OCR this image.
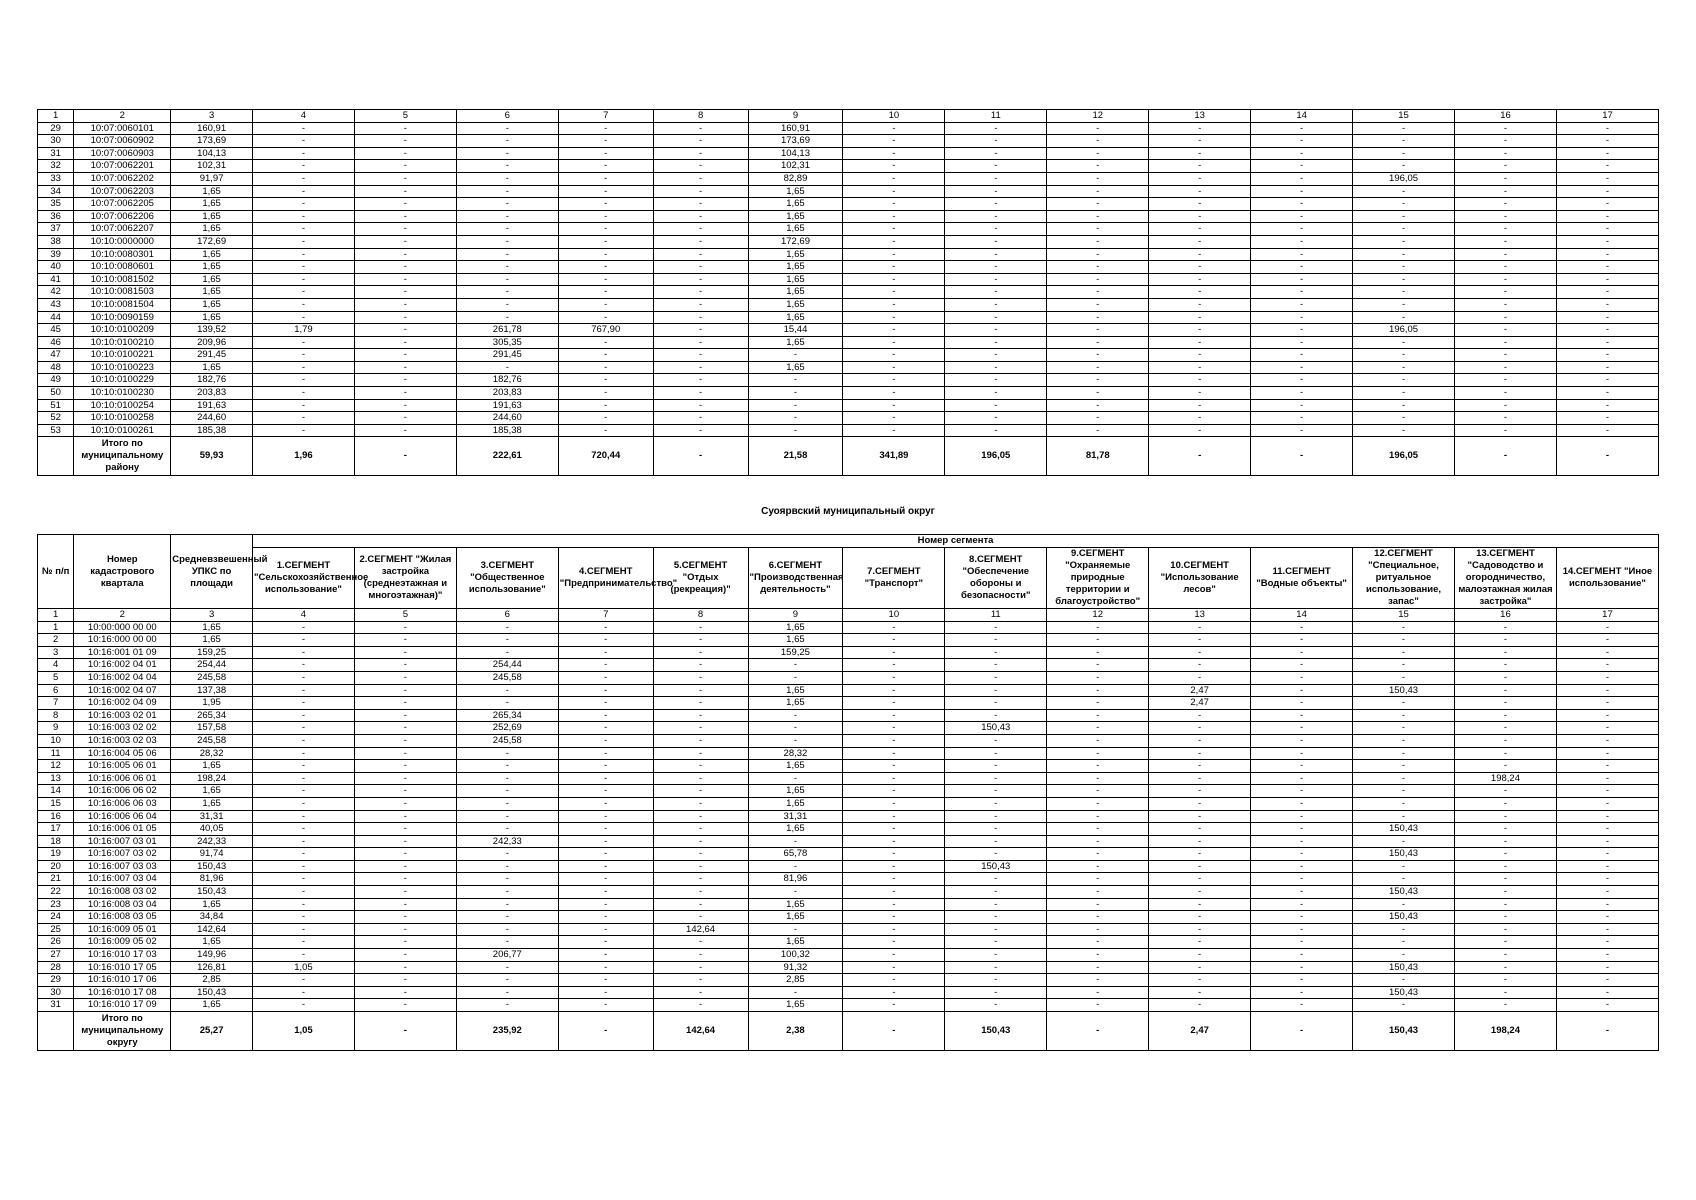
1	2	3	4	5	6	7	8	9	10	11	12	13	14	15	16	17
29	10:07:0060101	160,91	-	-	-	-	-	160,91	-	-	-	-	-	-	-	-
30	10:07:0060902	173,69	-	-	-	-	-	173,69	-	-	-	-	-	-	-	-
31	10:07:0060903	104,13	-	-	-	-	-	104,13	-	-	-	-	-	-	-	-
32	10:07:0062201	102,31	-	-	-	-	-	102,31	-	-	-	-	-	-	-	-
33	10:07:0062202	91,97	-	-	-	-	-	82,89	-	-	-	-	-	196,05	-	-
34	10:07:0062203	1,65	-	-	-	-	-	1,65	-	-	-	-	-	-	-	-
35	10:07:0062205	1,65	-	-	-	-	-	1,65	-	-	-	-	-	-	-	-
36	10:07:0062206	1,65	-	-	-	-	-	1,65	-	-	-	-	-	-	-	-
37	10:07:0062207	1,65	-	-	-	-	-	1,65	-	-	-	-	-	-	-	-
38	10:10:0000000	172,69	-	-	-	-	-	172,69	-	-	-	-	-	-	-	-
39	10:10:0080301	1,65	-	-	-	-	-	1,65	-	-	-	-	-	-	-	-
40	10:10:0080601	1,65	-	-	-	-	-	1,65	-	-	-	-	-	-	-	-
41	10:10:0081502	1,65	-	-	-	-	-	1,65	-	-	-	-	-	-	-	-
42	10:10:0081503	1,65	-	-	-	-	-	1,65	-	-	-	-	-	-	-	-
43	10:10:0081504	1,65	-	-	-	-	-	1,65	-	-	-	-	-	-	-	-
44	10:10:0090159	1,65	-	-	-	-	-	1,65	-	-	-	-	-	-	-	-
45	10:10:0100209	139,52	1,79	-	261,78	767,90	-	15,44	-	-	-	-	-	196,05	-	-
46	10:10:0100210	209,96	-	-	305,35	-	-	1,65	-	-	-	-	-	-	-	-
47	10:10:0100221	291,45	-	-	291,45	-	-	-	-	-	-	-	-	-	-	-
48	10:10:0100223	1,65	-	-	-	-	-	1,65	-	-	-	-	-	-	-	-
49	10:10:0100229	182,76	-	-	182,76	-	-	-	-	-	-	-	-	-	-	-
50	10:10:0100230	203,83	-	-	203,83	-	-	-	-	-	-	-	-	-	-	-
51	10:10:0100254	191,63	-	-	191,63	-	-	-	-	-	-	-	-	-	-	-
52	10:10:0100258	244,60	-	-	244,60	-	-	-	-	-	-	-	-	-	-	-
53	10:10:0100261	185,38	-	-	185,38	-	-	-	-	-	-	-	-	-	-	-
	Итого по муниципальному району	59,93	1,96	-	222,61	720,44	-	21,58	341,89	196,05	81,78	-	-	196,05	-	-
Суоярвский муниципальный округ
№ п/п	Номер кадастрового квартала	Средневзвешенный УПКС по площади	Номер сегмента													
			1.СЕГМЕНТ "Сельскохозяйственное использование"	2.СЕГМЕНТ "Жилая застройка (среднеэтажная и многоэтажная)"	3.СЕГМЕНТ "Общественное использование"	4.СЕГМЕНТ "Предпринимательство"	5.СЕГМЕНТ "Отдых (рекреация)"	6.СЕГМЕНТ "Производственная деятельность"	7.СЕГМЕНТ "Транспорт"	8.СЕГМЕНТ "Обеспечение обороны и безопасности"	9.СЕГМЕНТ "Охраняемые природные территории и благоустройство"	10.СЕГМЕНТ "Использование лесов"	11.СЕГМЕНТ "Водные объекты"	12.СЕГМЕНТ "Специальное, ритуальное использование, запас"	13.СЕГМЕНТ "Садоводство и огородничество, малоэтажная жилая застройка"	14.СЕГМЕНТ "Иное использование"
1	2	3	4	5	6	7	8	9	10	11	12	13	14	15	16	17
1	10:00:000 00 00	1,65	-	-	-	-	-	1,65	-	-	-	-	-	-	-	-
2	10:16:000 00 00	1,65	-	-	-	-	-	1,65	-	-	-	-	-	-	-	-
3	10:16:001 01 09	159,25	-	-	-	-	-	159,25	-	-	-	-	-	-	-	-
4	10:16:002 04 01	254,44	-	-	254,44	-	-	-	-	-	-	-	-	-	-	-
5	10:16:002 04 04	245,58	-	-	245,58	-	-	-	-	-	-	-	-	-	-	-
6	10:16:002 04 07	137,38	-	-	-	-	-	1,65	-	-	-	2,47	-	150,43	-	-
7	10:16:002 04 09	1,95	-	-	-	-	-	1,65	-	-	-	2,47	-	-	-	-
8	10:16:003 02 01	265,34	-	-	265,34	-	-	-	-	-	-	-	-	-	-	-
9	10:16:003 02 02	157,58	-	-	252,69	-	-	-	-	150,43	-	-	-	-	-	-
10	10:16:003 02 03	245,58	-	-	245,58	-	-	-	-	-	-	-	-	-	-	-
11	10:16:004 05 06	28,32	-	-	-	-	-	28,32	-	-	-	-	-	-	-	-
12	10:16:005 06 01	1,65	-	-	-	-	-	1,65	-	-	-	-	-	-	-	-
13	10:16:006 06 01	198,24	-	-	-	-	-	-	-	-	-	-	-	-	198,24	-
14	10:16:006 06 02	1,65	-	-	-	-	-	1,65	-	-	-	-	-	-	-	-
15	10:16:006 06 03	1,65	-	-	-	-	-	1,65	-	-	-	-	-	-	-	-
16	10:16:006 06 04	31,31	-	-	-	-	-	31,31	-	-	-	-	-	-	-	-
17	10:16:006 01 05	40,05	-	-	-	-	-	1,65	-	-	-	-	-	150,43	-	-
18	10:16:007 03 01	242,33	-	-	242,33	-	-	-	-	-	-	-	-	-	-	-
19	10:16:007 03 02	91,74	-	-	-	-	-	65,78	-	-	-	-	-	150,43	-	-
20	10:16:007 03 03	150,43	-	-	-	-	-	-	-	150,43	-	-	-	-	-	-
21	10:16:007 03 04	81,96	-	-	-	-	-	81,96	-	-	-	-	-	-	-	-
22	10:16:008 03 02	150,43	-	-	-	-	-	-	-	-	-	-	-	150,43	-	-
23	10:16:008 03 04	1,65	-	-	-	-	-	1,65	-	-	-	-	-	-	-	-
24	10:16:008 03 05	34,84	-	-	-	-	-	1,65	-	-	-	-	-	150,43	-	-
25	10:16:009 05 01	142,64	-	-	-	-	142,64	-	-	-	-	-	-	-	-	-
26	10:16:009 05 02	1,65	-	-	-	-	-	1,65	-	-	-	-	-	-	-	-
27	10:16:010 17 03	149,96	-	-	206,77	-	-	100,32	-	-	-	-	-	-	-	-
28	10:16:010 17 05	126,81	1,05	-	-	-	-	91,32	-	-	-	-	-	150,43	-	-
29	10:16:010 17 06	2,85	-	-	-	-	-	2,85	-	-	-	-	-	-	-	-
30	10:16:010 17 08	150,43	-	-	-	-	-	-	-	-	-	-	-	150,43	-	-
31	10:16:010 17 09	1,65	-	-	-	-	-	1,65	-	-	-	-	-	-	-	-
	Итого по муниципальному округу	25,27	1,05	-	235,92	-	142,64	2,38	-	150,43	-	2,47	-	150,43	198,24	-
